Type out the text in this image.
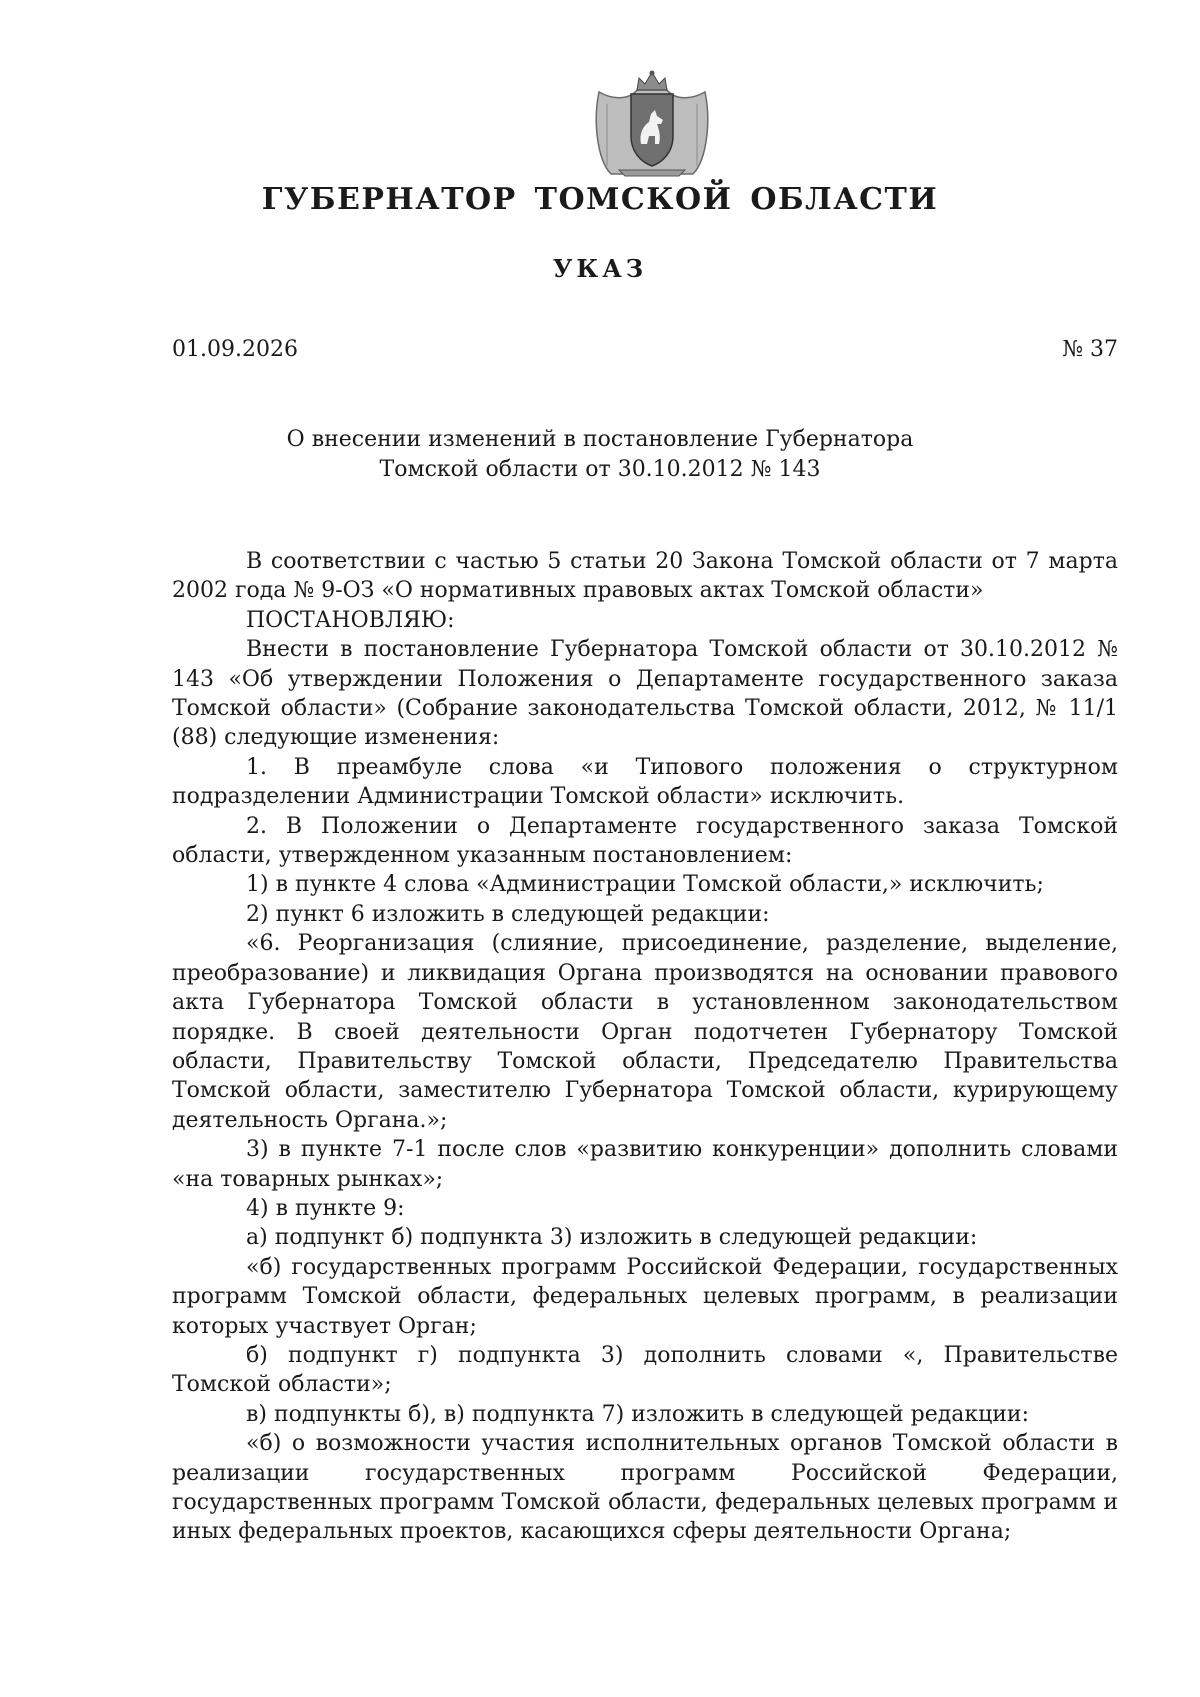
ГУБЕРНАТОР ТОМСКОЙ ОБЛАСТИ
УКАЗ
01.09.2026	№ 37
О внесении изменений в постановление Губернатора
Томской области от 30.10.2012 № 143

В соответствии с частью 5 статьи 20 Закона Томской области от 7 марта 2002 года № 9-ОЗ «О нормативных правовых актах Томской области»

ПОСТАНОВЛЯЮ:

Внести в постановление Губернатора Томской области от 30.10.2012 № 143 «Об утверждении Положения о Департаменте государственного заказа Томской области» (Собрание законодательства Томской области, 2012, № 11/1 (88) следующие изменения:

1. В преамбуле слова «и Типового положения о структурном подразделении Администрации Томской области» исключить.

2. В Положении о Департаменте государственного заказа Томской области, утвержденном указанным постановлением:

1) в пункте 4 слова «Администрации Томской области,» исключить;

2) пункт 6 изложить в следующей редакции:

«6. Реорганизация (слияние, присоединение, разделение, выделение, преобразование) и ликвидация Органа производятся на основании правового акта Губернатора Томской области в установленном законодательством порядке. В своей деятельности Орган подотчетен Губернатору Томской области, Правительству Томской области, Председателю Правительства Томской области, заместителю Губернатора Томской области, курирующему деятельность Органа.»;

3) в пункте 7-1 после слов «развитию конкуренции» дополнить словами «на товарных рынках»;

4) в пункте 9:

а) подпункт б) подпункта 3) изложить в следующей редакции:

«б) государственных программ Российской Федерации, государственных программ Томской области, федеральных целевых программ, в реализации которых участвует Орган;

б) подпункт г) подпункта 3) дополнить словами «, Правительстве Томской области»;

в) подпункты б), в) подпункта 7) изложить в следующей редакции:

«б) о возможности участия исполнительных органов Томской области в реализации государственных программ Российской Федерации, государственных программ Томской области, федеральных целевых программ и иных федеральных проектов, касающихся сферы деятельности Органа;
